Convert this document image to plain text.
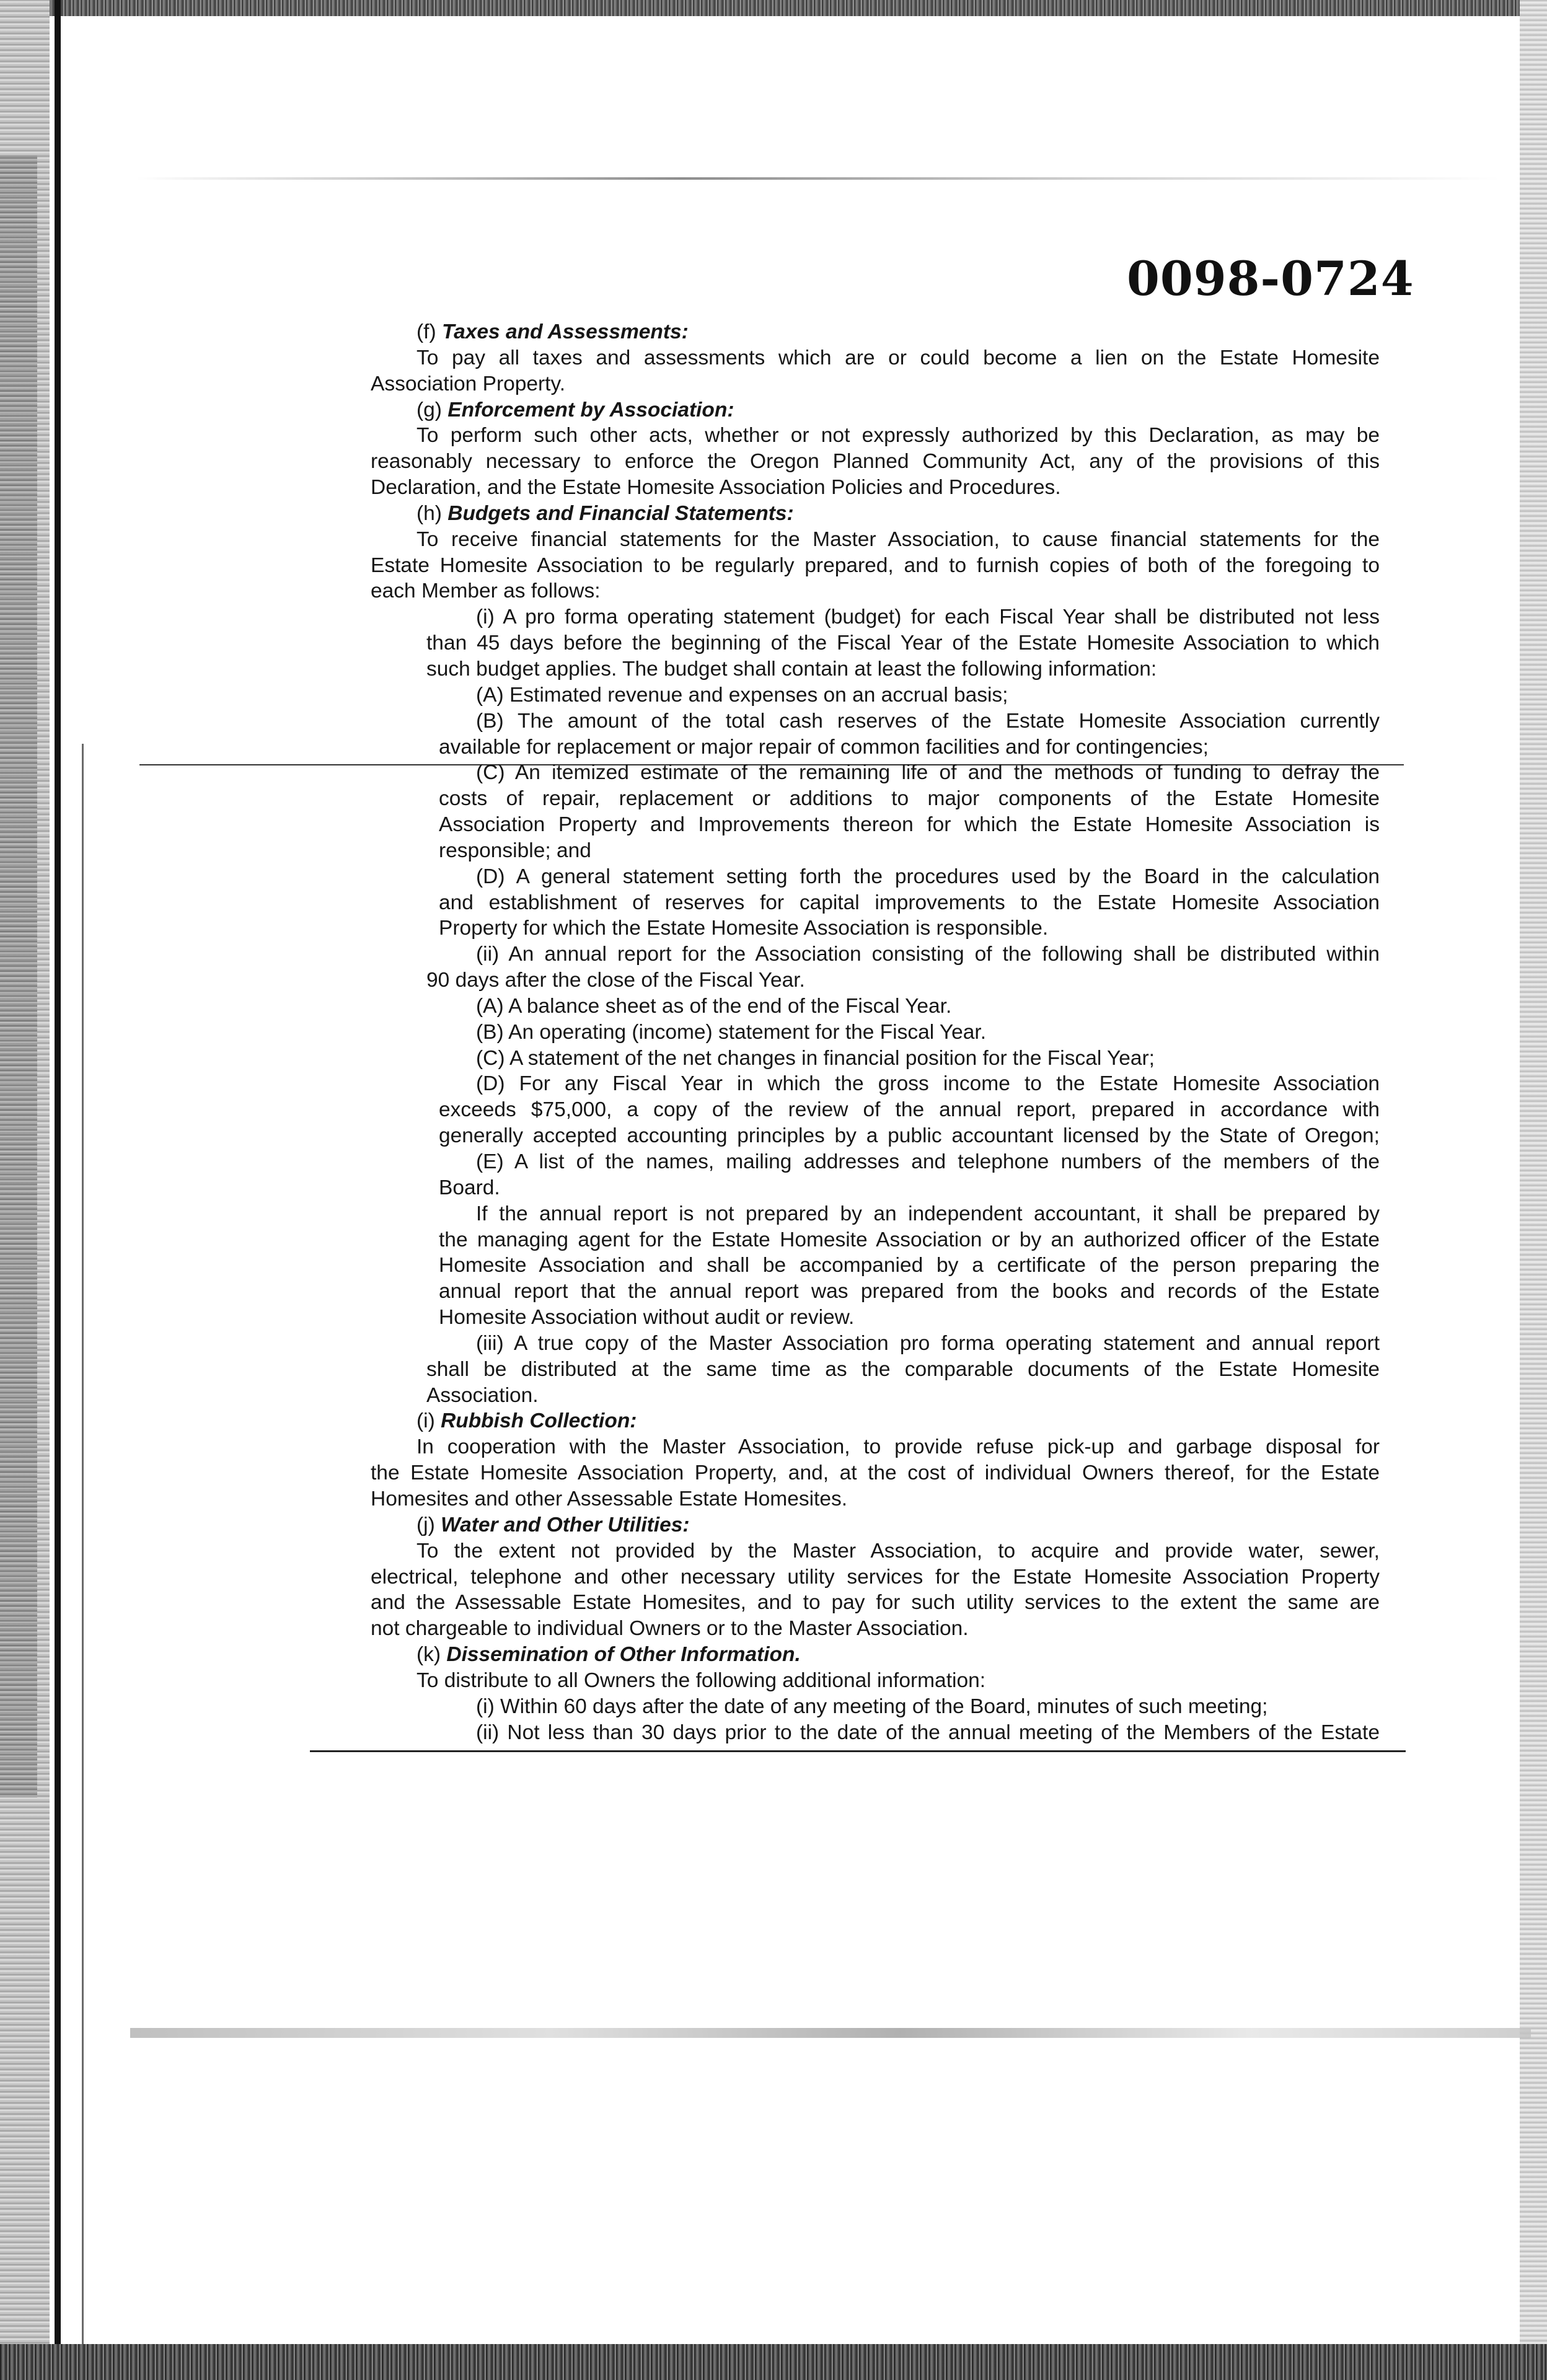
0098-0724
(f) Taxes and Assessments:
To pay all taxes and assessments which are or could become a lien on the Estate Homesite
Association Property.
(g) Enforcement by Association:
To perform such other acts, whether or not expressly authorized by this Declaration, as may be
reasonably necessary to enforce the Oregon Planned Community Act, any of the provisions of this
Declaration, and the Estate Homesite Association Policies and Procedures.
(h) Budgets and Financial Statements:
To receive financial statements for the Master Association, to cause financial statements for the
Estate Homesite Association to be regularly prepared, and to furnish copies of both of the foregoing to
each Member as follows:
(i) A pro forma operating statement (budget) for each Fiscal Year shall be distributed not less
than 45 days before the beginning of the Fiscal Year of the Estate Homesite Association to which
such budget applies. The budget shall contain at least the following information:
(A) Estimated revenue and expenses on an accrual basis;
(B) The amount of the total cash reserves of the Estate Homesite Association currently
available for replacement or major repair of common facilities and for contingencies;
(C) An itemized estimate of the remaining life of and the methods of funding to defray the
costs of repair, replacement or additions to major components of the Estate Homesite
Association Property and Improvements thereon for which the Estate Homesite Association is
responsible; and
(D) A general statement setting forth the procedures used by the Board in the calculation
and establishment of reserves for capital improvements to the Estate Homesite Association
Property for which the Estate Homesite Association is responsible.
(ii) An annual report for the Association consisting of the following shall be distributed within
90 days after the close of the Fiscal Year.
(A) A balance sheet as of the end of the Fiscal Year.
(B) An operating (income) statement for the Fiscal Year.
(C) A statement of the net changes in financial position for the Fiscal Year;
(D) For any Fiscal Year in which the gross income to the Estate Homesite Association
exceeds $75,000, a copy of the review of the annual report, prepared in accordance with
generally accepted accounting principles by a public accountant licensed by the State of Oregon;
(E) A list of the names, mailing addresses and telephone numbers of the members of the
Board.
If the annual report is not prepared by an independent accountant, it shall be prepared by
the managing agent for the Estate Homesite Association or by an authorized officer of the Estate
Homesite Association and shall be accompanied by a certificate of the person preparing the
annual report that the annual report was prepared from the books and records of the Estate
Homesite Association without audit or review.
(iii) A true copy of the Master Association pro forma operating statement and annual report
shall be distributed at the same time as the comparable documents of the Estate Homesite
Association.
(i) Rubbish Collection:
In cooperation with the Master Association, to provide refuse pick-up and garbage disposal for
the Estate Homesite Association Property, and, at the cost of individual Owners thereof, for the Estate
Homesites and other Assessable Estate Homesites.
(j) Water and Other Utilities:
To the extent not provided by the Master Association, to acquire and provide water, sewer,
electrical, telephone and other necessary utility services for the Estate Homesite Association Property
and the Assessable Estate Homesites, and to pay for such utility services to the extent the same are
not chargeable to individual Owners or to the Master Association.
(k) Dissemination of Other Information.
To distribute to all Owners the following additional information:
(i) Within 60 days after the date of any meeting of the Board, minutes of such meeting;
(ii) Not less than 30 days prior to the date of the annual meeting of the Members of the Estate
